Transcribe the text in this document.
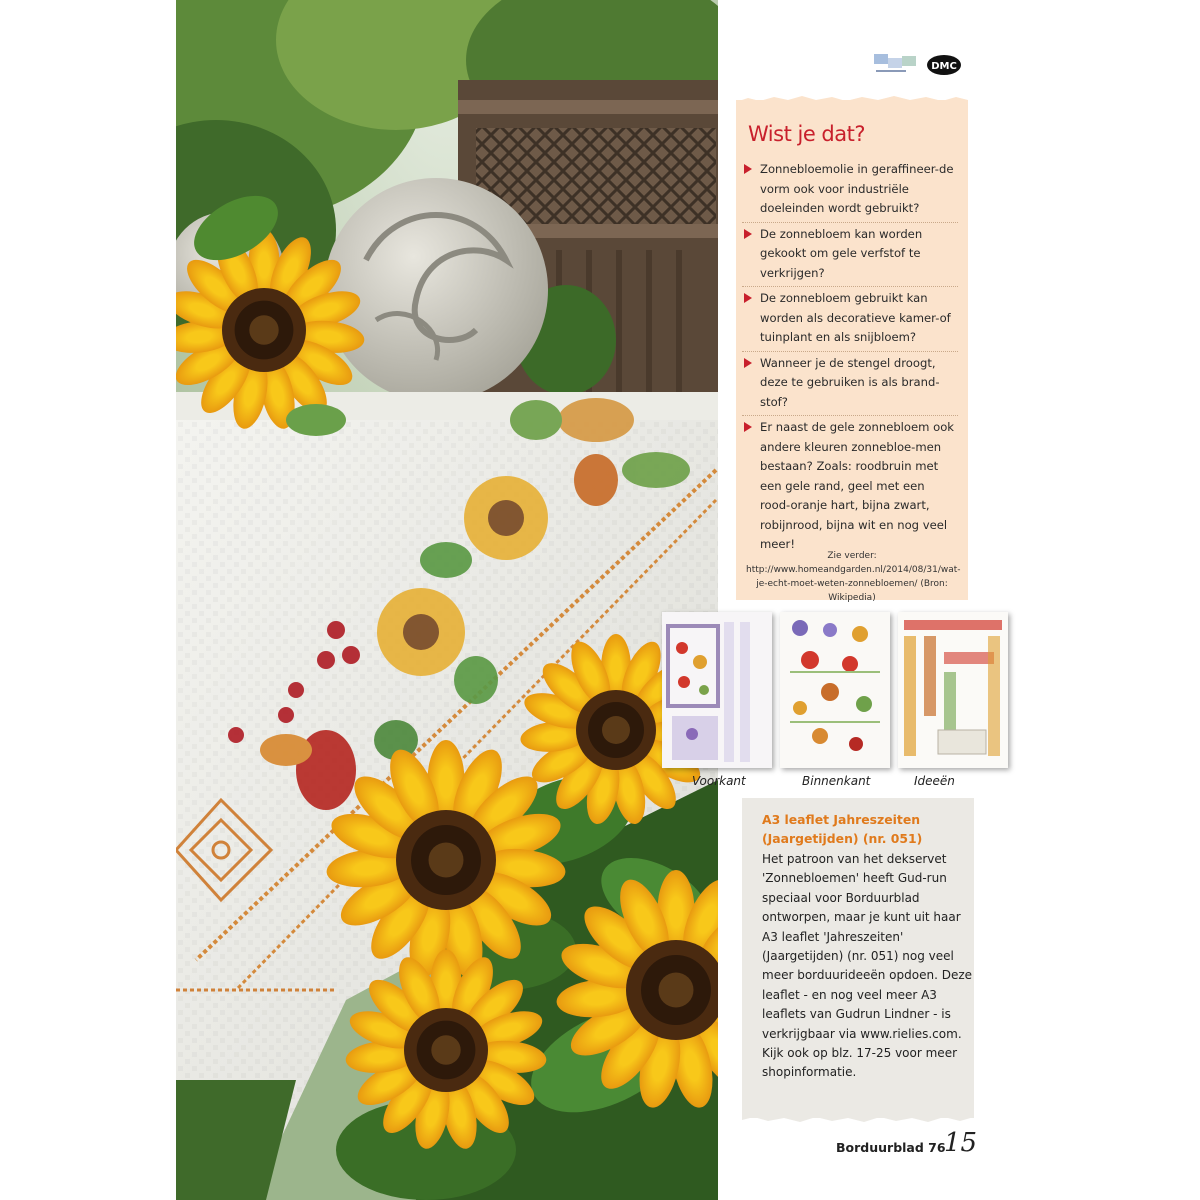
DMC
Wist je dat?
Zonnebloemolie in geraffineer-de vorm ook voor industriële doeleinden wordt gebruikt?
De zonnebloem kan worden gekookt om gele verfstof te verkrijgen?
De zonnebloem gebruikt kan worden als decoratieve kamer-of tuinplant en als snijbloem?
Wanneer je de stengel droogt, deze te gebruiken is als brand-stof?
Er naast de gele zonnebloem ook andere kleuren zonnebloe-men bestaan? Zoals: roodbruin met een gele rand, geel met een rood-oranje hart, bijna zwart, robijnrood, bijna wit en nog veel meer!

Zie verder: http://www.homeandgarden.nl/2014/08/31/wat-je-echt-moet-weten-zonnebloemen/ (Bron: Wikipedia)

Voorkant	Binnenkant	Ideeën
A3 leaflet Jahreszeiten (Jaargetijden) (nr. 051)

Het patroon van het dekservet 'Zonnebloemen' heeft Gud-run speciaal voor Borduurblad ontworpen, maar je kunt uit haar A3 leaflet 'Jahreszeiten' (Jaargetijden) (nr. 051) nog veel meer borduurideeën opdoen. Deze leaflet - en nog veel meer A3 leaflets van Gudrun Lindner - is verkrijgbaar via www.rielies.com. Kijk ook op blz. 17-25 voor meer shopinformatie.

Borduurblad 76
15
